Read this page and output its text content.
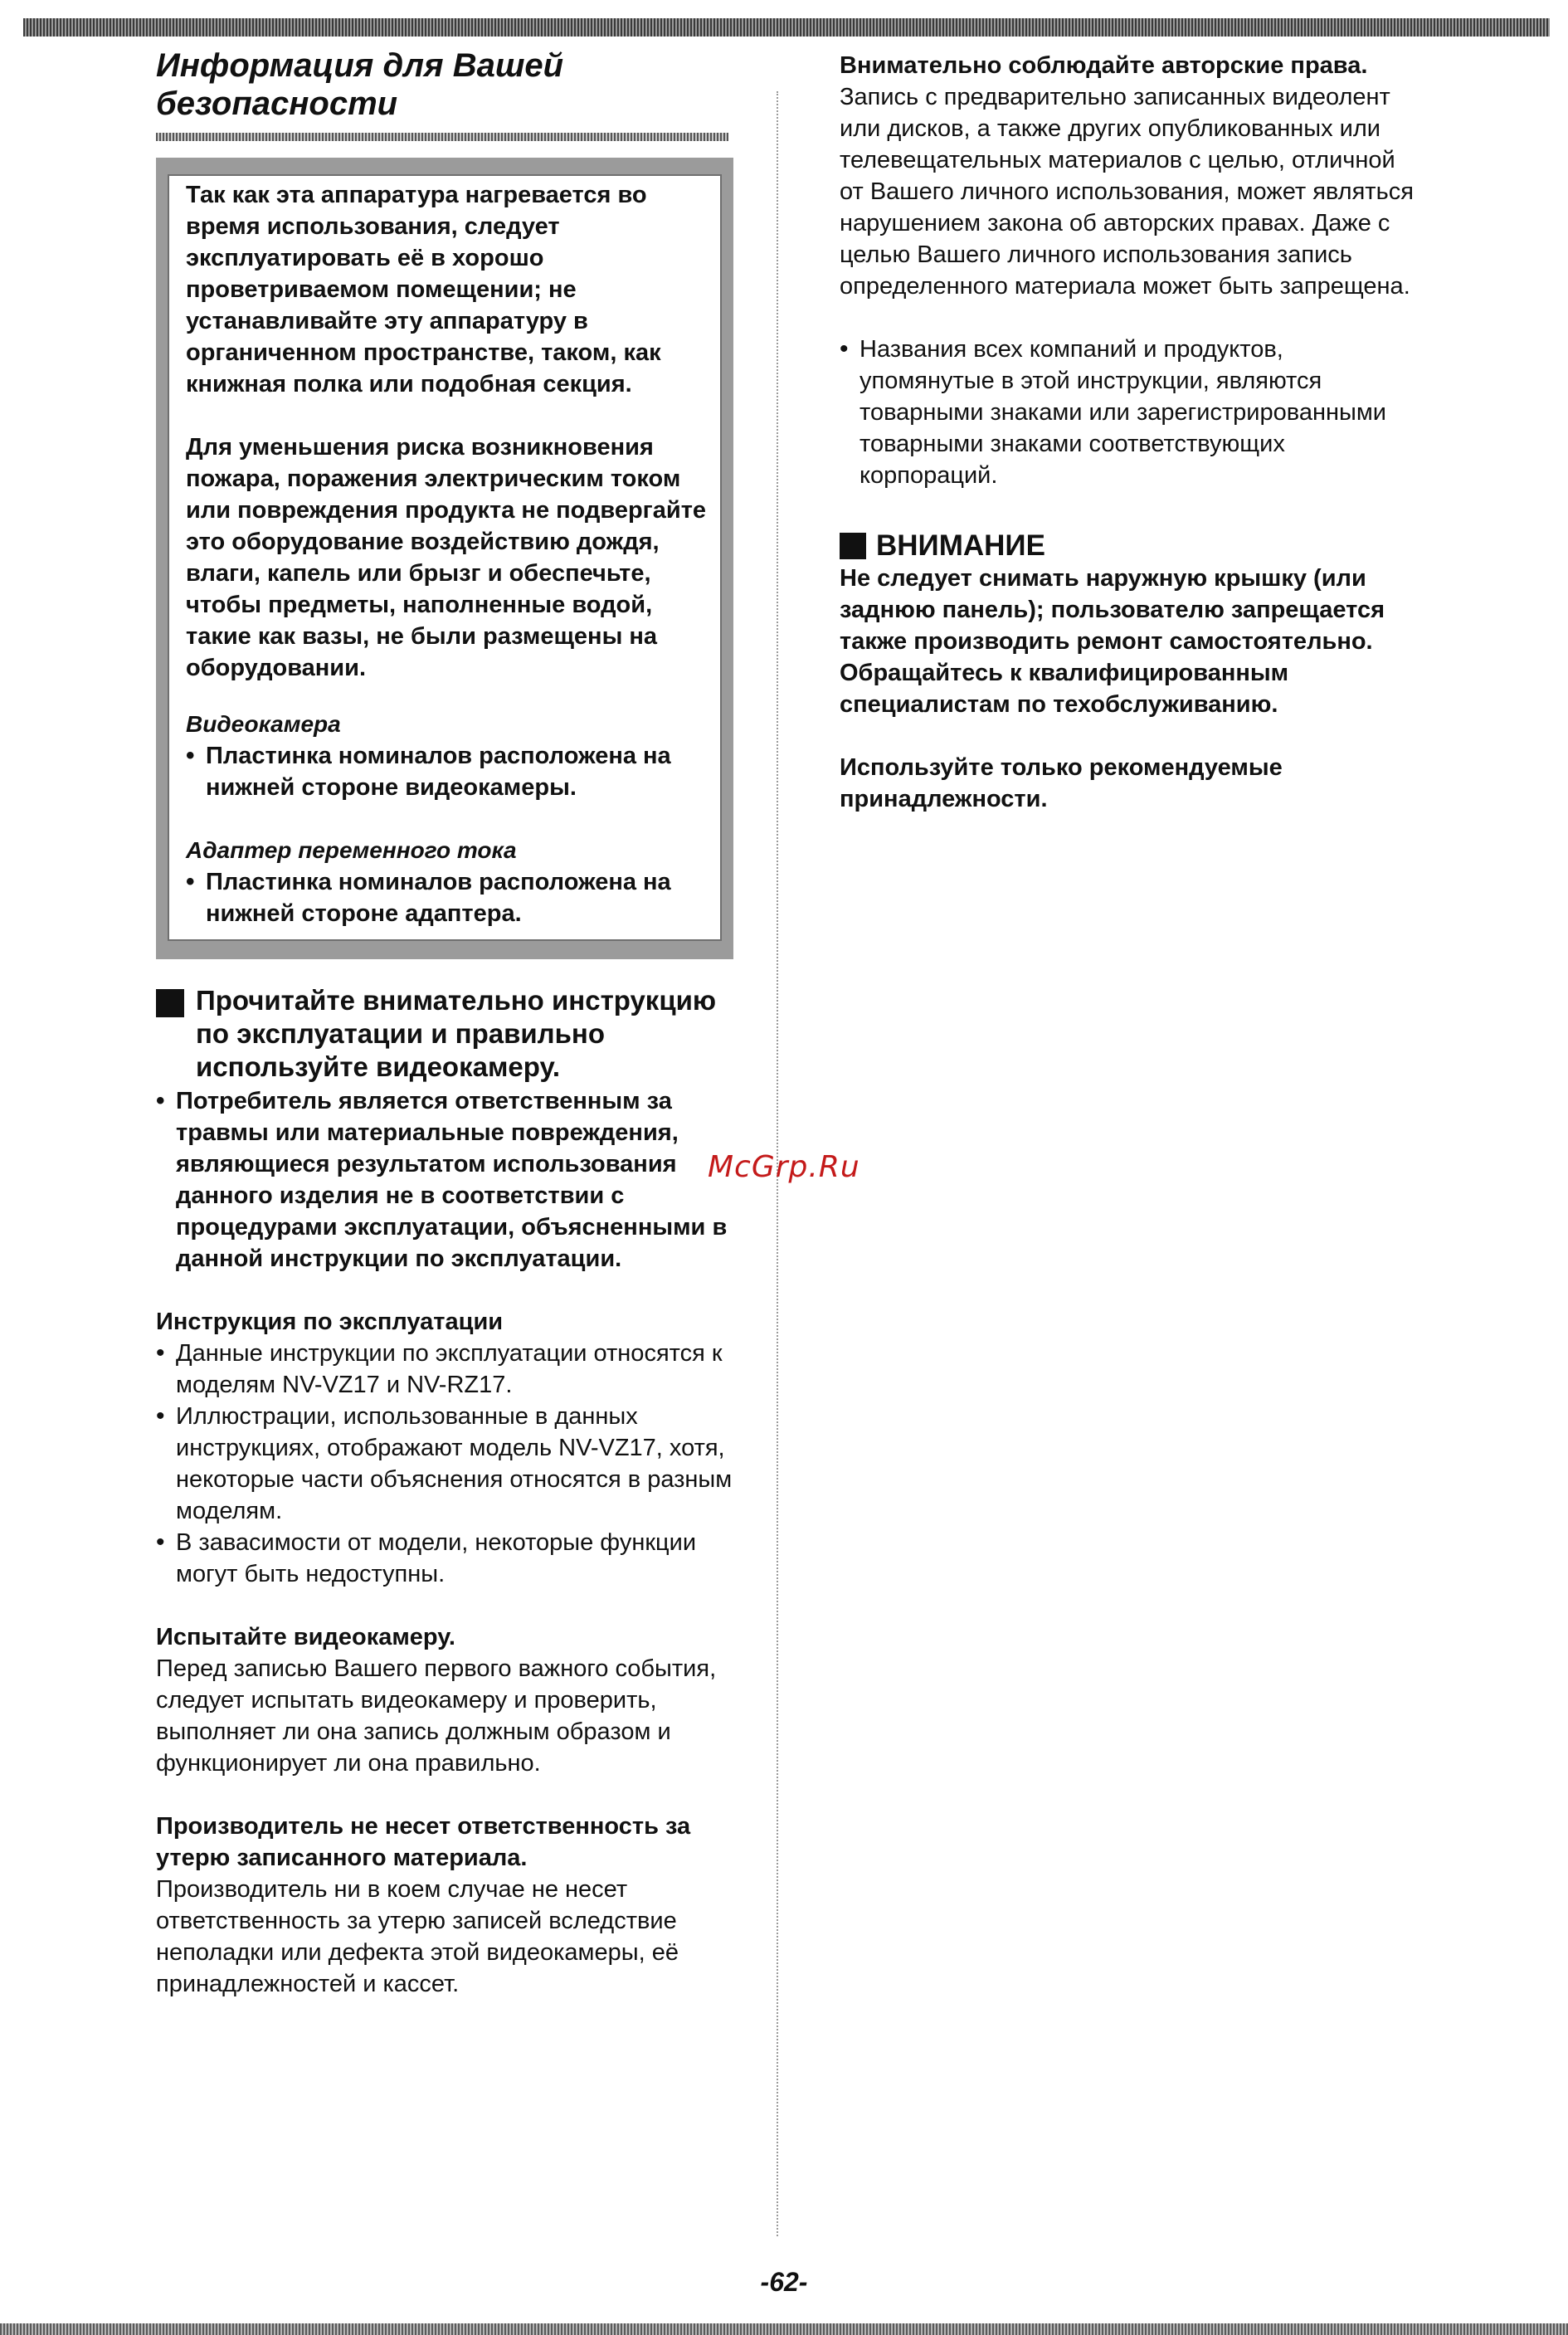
Информация для Вашей
безопасности

Так как эта аппаратура нагревается во время использования, следует эксплуатировать её в хорошо проветриваемом помещении; не устанавливайте эту аппаратуру в органиченном пространстве, таком, как книжная полка или подобная секция.

Для уменьшения риска возникновения пожара, поражения электрическим током или повреждения продукта не подвергайте это оборудование воздействию дождя, влаги, капель или брызг и обеспечьте, чтобы предметы, наполненные водой, такие как вазы, не были размещены на оборудовании.

Видеокамера
• Пластинка номиналов расположена на нижней стороне видеокамеры.
Адаптер переменного тока
• Пластинка номиналов расположена на нижней стороне адаптера.
Прочитайте внимательно инструкцию по эксплуатации и правильно используйте видеокамеру.
• Потребитель является ответственным за травмы или материальные повреждения, являющиеся результатом использования данного изделия не в соответствии с процедурами эксплуатации, объясненными в данной инструкции по эксплуатации.
Инструкция по эксплуатации
• Данные инструкции по эксплуатации относятся к моделям NV-VZ17 и NV-RZ17.
• Иллюстрации, использованные в данных инструкциях, отображают модель NV-VZ17, хотя, некоторые части объяснения относятся в разным моделям.
• В завасимости от модели, некоторые функции могут быть недоступны.
Испытайте видеокамеру.

Перед записью Вашего первого важного события, следует испытать видеокамеру и проверить, выполняет ли она запись должным образом и функционирует ли она правильно.

Производитель не несет ответственность за утерю записанного материала.

Производитель ни в коем случае не несет ответственность за утерю записей вследствие неполадки или дефекта этой видеокамеры, её принадлежностей и кассет.

Внимательно соблюдайте авторские права.

Запись с предварительно записанных видеолент или дисков, а также других опубликованных или телевещательных материалов с целью, отличной от Вашего личного использования, может являться нарушением закона об авторских правах. Даже с целью Вашего личного использования запись определенного материала может быть запрещена.

• Названия всех компаний и продуктов, упомянутые в этой инструкции, являются товарными знаками или зарегистрированными товарными знаками соответствующих корпораций.
ВНИМАНИЕ

Не следует снимать наружную крышку (или заднюю панель); пользователю запрещается также производить ремонт самостоятельно. Обращайтесь к квалифицированным специалистам по техобслуживанию.

Используйте только рекомендуемые принадлежности.

McGrp.Ru
-62-
